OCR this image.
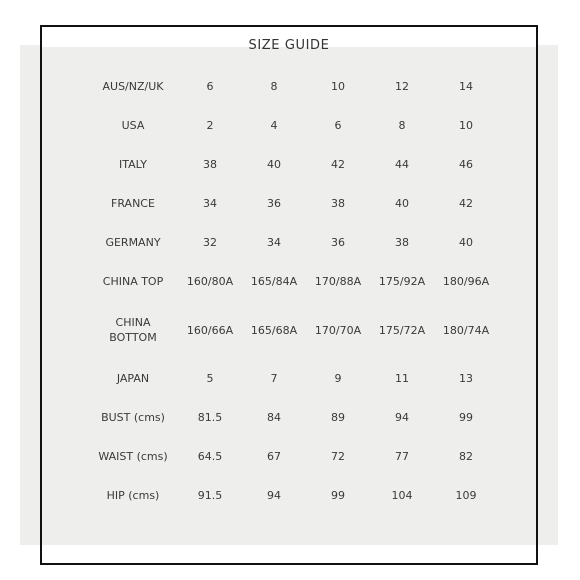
SIZE GUIDE
AUS/NZ/UK	6	8	10	12	14
USA	2	4	6	8	10
ITALY	38	40	42	44	46
FRANCE	34	36	38	40	42
GERMANY	32	34	36	38	40
CHINA TOP	160/80A	165/84A	170/88A	175/92A	180/96A

CHINA
BOTTOM	160/66A	165/68A	170/70A	175/72A	180/74A
JAPAN	5	7	9	11	13
BUST (cms)	81.5	84	89	94	99
WAIST (cms)	64.5	67	72	77	82
HIP (cms)	91.5	94	99	104	109
